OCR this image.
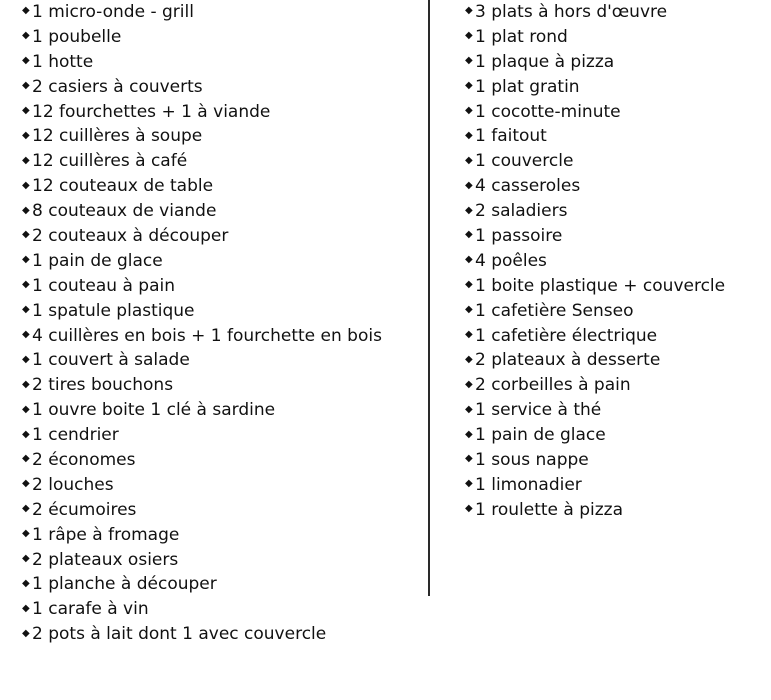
◆ 1 micro-onde - grill
◆ 1 poubelle
◆ 1 hotte
◆ 2 casiers à couverts
◆ 12 fourchettes + 1 à viande
◆ 12 cuillères à soupe
◆ 12 cuillères à café
◆ 12 couteaux de table
◆ 8 couteaux de viande
◆ 2 couteaux à découper
◆ 1 pain de glace
◆ 1 couteau à pain
◆ 1 spatule plastique
◆ 4 cuillères en bois + 1 fourchette en bois
◆ 1 couvert à salade
◆ 2 tires bouchons
◆ 1 ouvre boite 1 clé à sardine
◆ 1 cendrier
◆ 2 économes
◆ 2 louches
◆ 2 écumoires
◆ 1 râpe à fromage
◆ 2 plateaux osiers
◆ 1 planche à découper
◆ 1 carafe à vin
◆ 2 pots à lait dont 1 avec couvercle
◆ 3 plats à hors d'œuvre
◆ 1 plat rond
◆ 1 plaque à pizza
◆ 1 plat gratin
◆ 1 cocotte-minute
◆ 1 faitout
◆ 1 couvercle
◆ 4 casseroles
◆ 2 saladiers
◆ 1 passoire
◆ 4 poêles
◆ 1 boite plastique + couvercle
◆ 1 cafetière Senseo
◆ 1 cafetière électrique
◆ 2 plateaux à desserte
◆ 2 corbeilles à pain
◆ 1 service à thé
◆ 1 pain de glace
◆ 1 sous nappe
◆ 1 limonadier
◆ 1 roulette à pizza
